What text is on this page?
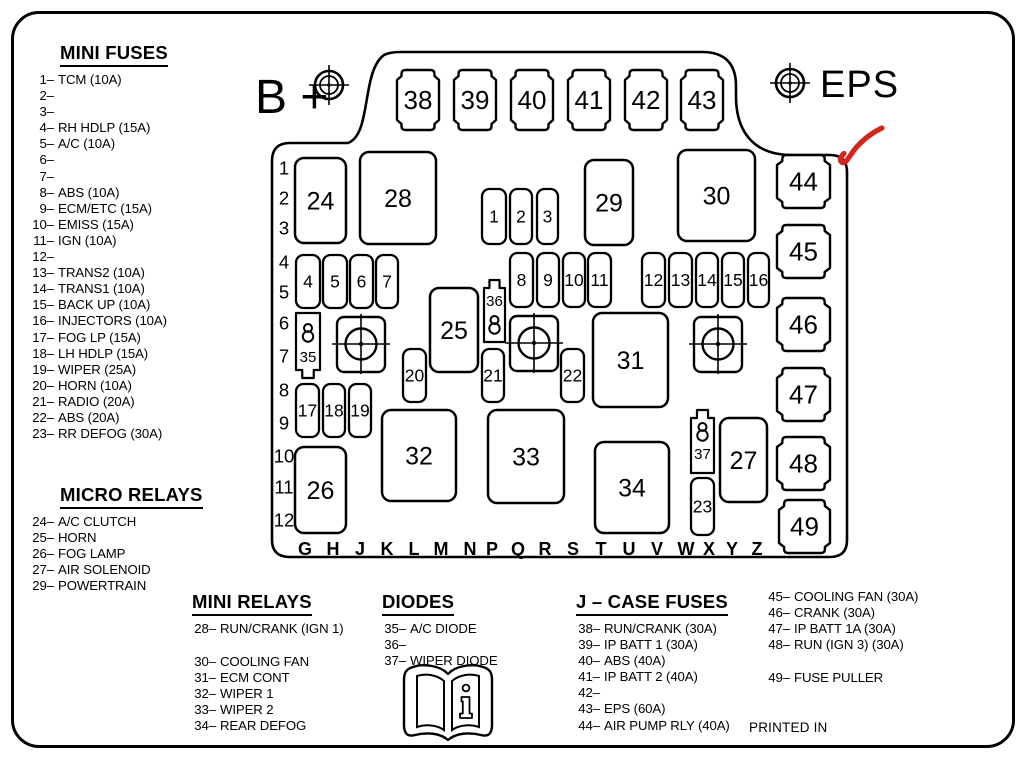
38 39 40 41 42 43
44
45
46
47
48
49
24 28	29	30
25
31
32	33
26	34
27
1 2 3
4 5 6 7	8 9 10 11 12 13 14 15 16
17 18 19
20	21	22
23
35
36
37
B +	EPS
1
2
3
4
5
6
7
8
9
10
11
12
G H J K L M N P Q R S T U V W X Y Z
MINI FUSES
1– TCM (10A)
2–
3–
4– RH HDLP (15A)
5– A/C (10A)
6–
7–
8– ABS (10A)
9– ECM/ETC (15A)
10– EMISS (15A)
11– IGN (10A)
12–
13– TRANS2 (10A)
14– TRANS1 (10A)
15– BACK UP (10A)
16– INJECTORS (10A)
17– FOG LP (15A)
18– LH HDLP (15A)
19– WIPER (25A)
20– HORN (10A)
21– RADIO (20A)
22– ABS (20A)
23– RR DEFOG (30A)
MICRO RELAYS
24– A/C CLUTCH
25– HORN
26– FOG LAMP
27– AIR SOLENOID
29– POWERTRAIN
MINI RELAYS
28– RUN/CRANK (IGN 1)
30– COOLING FAN
31– ECM CONT
32– WIPER 1
33– WIPER 2
34– REAR DEFOG
DIODES
35– A/C DIODE
36–
37– WIPER DIODE
J – CASE FUSES
38– RUN/CRANK (30A)
39– IP BATT 1 (30A)
40– ABS (40A)
41– IP BATT 2 (40A)
42–
43– EPS (60A)
44– AIR PUMP RLY (40A)
45– COOLING FAN (30A)
46– CRANK (30A)
47– IP BATT 1A (30A)
48– RUN (IGN 3) (30A)
49– FUSE PULLER
PRINTED IN
